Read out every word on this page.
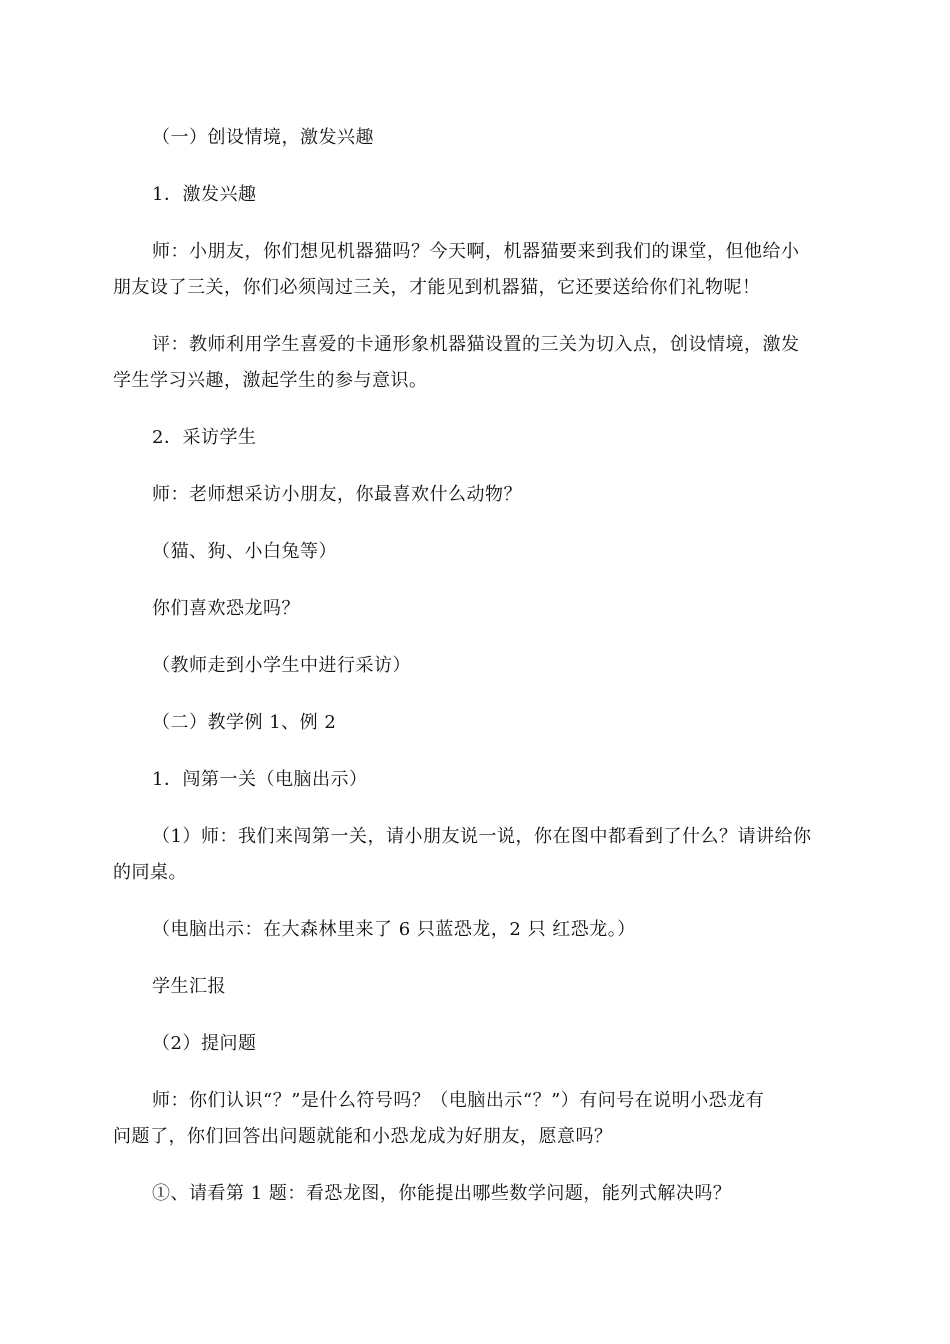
（一）创设情境，激发兴趣
1．激发兴趣
师：小朋友，你们想见机器猫吗？今天啊，机器猫要来到我们的课堂，但他给小
朋友设了三关，你们必须闯过三关，才能见到机器猫，它还要送给你们礼物呢！
评：教师利用学生喜爱的卡通形象机器猫设置的三关为切入点，创设情境，激发
学生学习兴趣，激起学生的参与意识。
2．采访学生
师：老师想采访小朋友，你最喜欢什么动物？
（猫、狗、小白兔等）
你们喜欢恐龙吗？
（教师走到小学生中进行采访）
（二）教学例 1、例 2
1．闯第一关（电脑出示）
（1）师：我们来闯第一关，请小朋友说一说，你在图中都看到了什么？请讲给你
的同桌。
（电脑出示：在大森林里来了 6 只蓝恐龙，2 只 红恐龙。）
学生汇报
（2）提问题
师：你们认识“？”是什么符号吗？（电脑出示“？”）有问号在说明小恐龙有
问题了，你们回答出问题就能和小恐龙成为好朋友，愿意吗？
①、请看第 1 题：看恐龙图，你能提出哪些数学问题，能列式解决吗？
